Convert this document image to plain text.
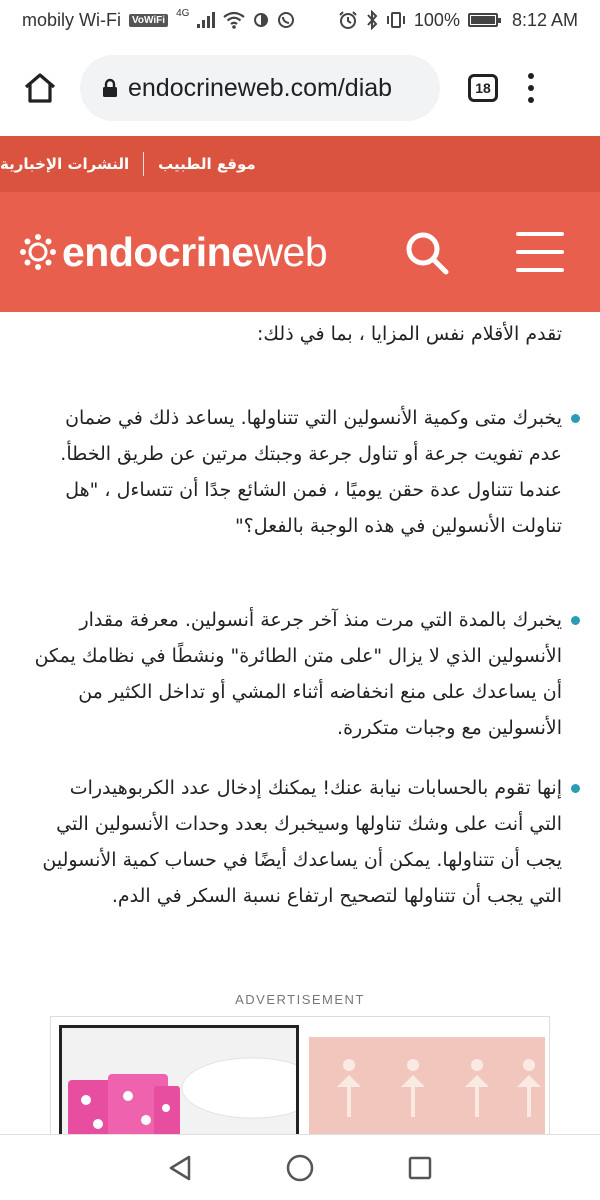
mobily Wi-Fi	VoWiFi
4G	100%	8:12 AM
endocrineweb.com/diab	18
موقع الطبيب
النشرات الإخبارية
endocrineweb

تقدم الأقلام نفس المزايا ، بما في ذلك:

يخبرك متى وكمية الأنسولين التي تتناولها. يساعد ذلك في ضمان عدم تفويت جرعة أو تناول جرعة وجبتك مرتين عن طريق الخطأ. عندما تتناول عدة حقن يوميًا ، فمن الشائع جدًا أن تتساءل ، "هل تناولت الأنسولين في هذه الوجبة بالفعل؟"
يخبرك بالمدة التي مرت منذ آخر جرعة أنسولين. معرفة مقدار الأنسولين الذي لا يزال "على متن الطائرة" ونشطًا في نظامك يمكن أن يساعدك على منع انخفاضه أثناء المشي أو تداخل الكثير من الأنسولين مع وجبات متكررة.
إنها تقوم بالحسابات نيابة عنك! يمكنك إدخال عدد الكربوهيدرات التي أنت على وشك تناولها وسيخبرك بعدد وحدات الأنسولين التي يجب أن تتناولها. يمكن أن يساعدك أيضًا في حساب كمية الأنسولين التي يجب أن تتناولها لتصحيح ارتفاع نسبة السكر في الدم.
ADVERTISEMENT
